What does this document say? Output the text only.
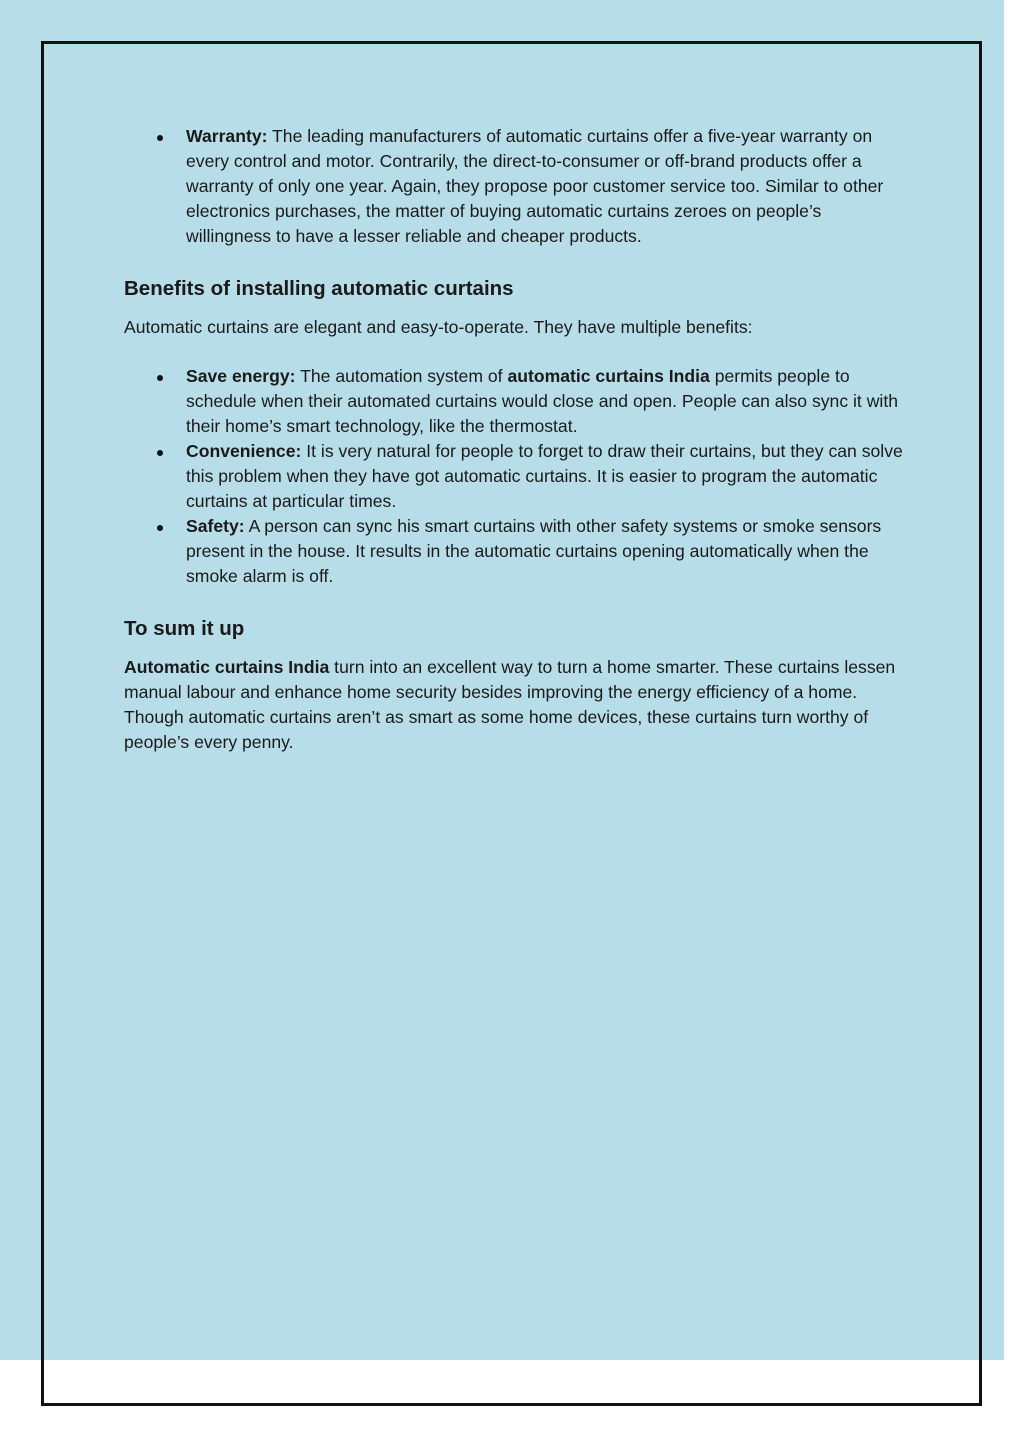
Warranty: The leading manufacturers of automatic curtains offer a five-year warranty on every control and motor. Contrarily, the direct-to-consumer or off-brand products offer a warranty of only one year. Again, they propose poor customer service too. Similar to other electronics purchases, the matter of buying automatic curtains zeroes on people’s willingness to have a lesser reliable and cheaper products.
Benefits of installing automatic curtains

Automatic curtains are elegant and easy-to-operate. They have multiple benefits:

Save energy: The automation system of automatic curtains India permits people to schedule when their automated curtains would close and open. People can also sync it with their home’s smart technology, like the thermostat.
Convenience: It is very natural for people to forget to draw their curtains, but they can solve this problem when they have got automatic curtains. It is easier to program the automatic curtains at particular times.
Safety: A person can sync his smart curtains with other safety systems or smoke sensors present in the house. It results in the automatic curtains opening automatically when the smoke alarm is off.
To sum it up

Automatic curtains India turn into an excellent way to turn a home smarter. These curtains lessen manual labour and enhance home security besides improving the energy efficiency of a home. Though automatic curtains aren’t as smart as some home devices, these curtains turn worthy of people’s every penny.
